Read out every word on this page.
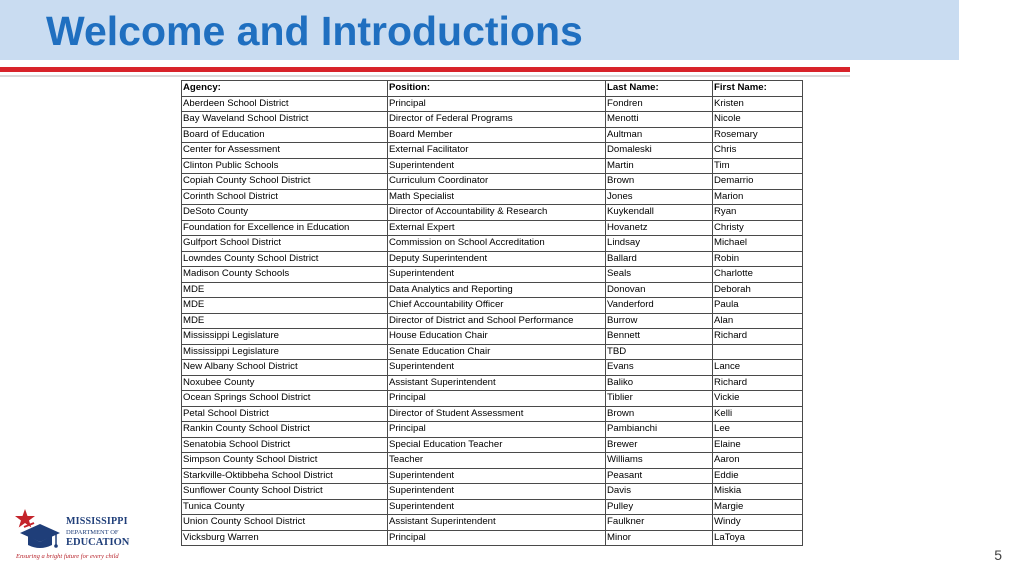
Welcome and Introductions
Agency:	Position:	Last Name:	First Name:
Aberdeen School District	Principal	Fondren	Kristen
Bay Waveland School District	Director of Federal Programs	Menotti	Nicole
Board of Education	Board Member	Aultman	Rosemary
Center for Assessment	External Facilitator	Domaleski	Chris
Clinton Public Schools	Superintendent	Martin	Tim
Copiah County School District	Curriculum Coordinator	Brown	Demarrio
Corinth School District	Math Specialist	Jones	Marion
DeSoto County	Director of Accountability & Research	Kuykendall	Ryan
Foundation for Excellence in Education	External Expert	Hovanetz	Christy
Gulfport School District	Commission on School Accreditation	Lindsay	Michael
Lowndes County School District	Deputy Superintendent	Ballard	Robin
Madison County Schools	Superintendent	Seals	Charlotte
MDE	Data Analytics and Reporting	Donovan	Deborah
MDE	Chief Accountability Officer	Vanderford	Paula
MDE	Director of District and School Performance	Burrow	Alan
Mississippi Legislature	House Education Chair	Bennett	Richard
Mississippi Legislature	Senate Education Chair	TBD	
New Albany School District	Superintendent	Evans	Lance
Noxubee County	Assistant Superintendent	Baliko	Richard
Ocean Springs School District	Principal	Tiblier	Vickie
Petal School District	Director of Student Assessment	Brown	Kelli
Rankin County School District	Principal	Pambianchi	Lee
Senatobia School District	Special Education Teacher	Brewer	Elaine
Simpson County School District	Teacher	Williams	Aaron
Starkville-Oktibbeha School District	Superintendent	Peasant	Eddie
Sunflower County School District	Superintendent	Davis	Miskia
Tunica County	Superintendent	Pulley	Margie
Union County School District	Assistant Superintendent	Faulkner	Windy
Vicksburg Warren	Principal	Minor	LaToya
MISSISSIPPI
DEPARTMENT OF
EDUCATION
Ensuring a bright future for every child	5
